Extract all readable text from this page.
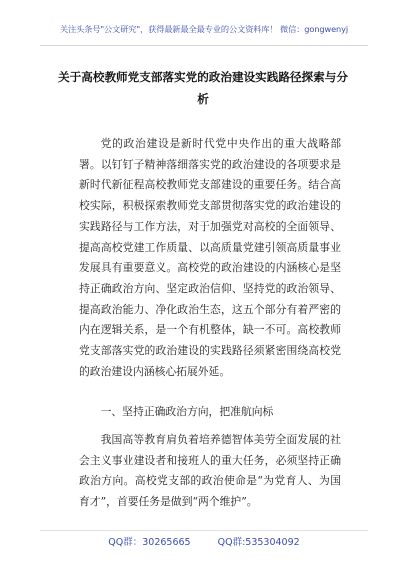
关注头条号"公文研究"，获得最新最全最专业的公文资料库！ 微信：gongwenyj
关于高校教师党支部落实党的政治建设实践路径探索与分析

党的政治建设是新时代党中央作出的重大战略部署。以钉钉子精神落细落实党的政治建设的各项要求是新时代新征程高校教师党支部建设的重要任务。结合高校实际，积极探索教师党支部贯彻落实党的政治建设的实践路径与工作方法，对于加强党对高校的全面领导、提高高校党建工作质量、以高质量党建引领高质量事业发展具有重要意义。高校党的政治建设的内涵核心是坚持正确政治方向、坚定政治信仰、坚持党的政治领导、提高政治能力、净化政治生态，这五个部分有着严密的内在逻辑关系，是一个有机整体，缺一不可。高校教师党支部落实党的政治建设的实践路径须紧密围绕高校党的政治建设内涵核心拓展外延。

一、坚持正确政治方向，把准航向标

我国高等教育肩负着培养德智体美劳全面发展的社会主义事业建设者和接班人的重大任务，必须坚持正确政治方向。高校党支部的政治使命是“为党育人、为国育才”，首要任务是做到“两个维护”。

QQ群：30265665	QQ群:535304092
